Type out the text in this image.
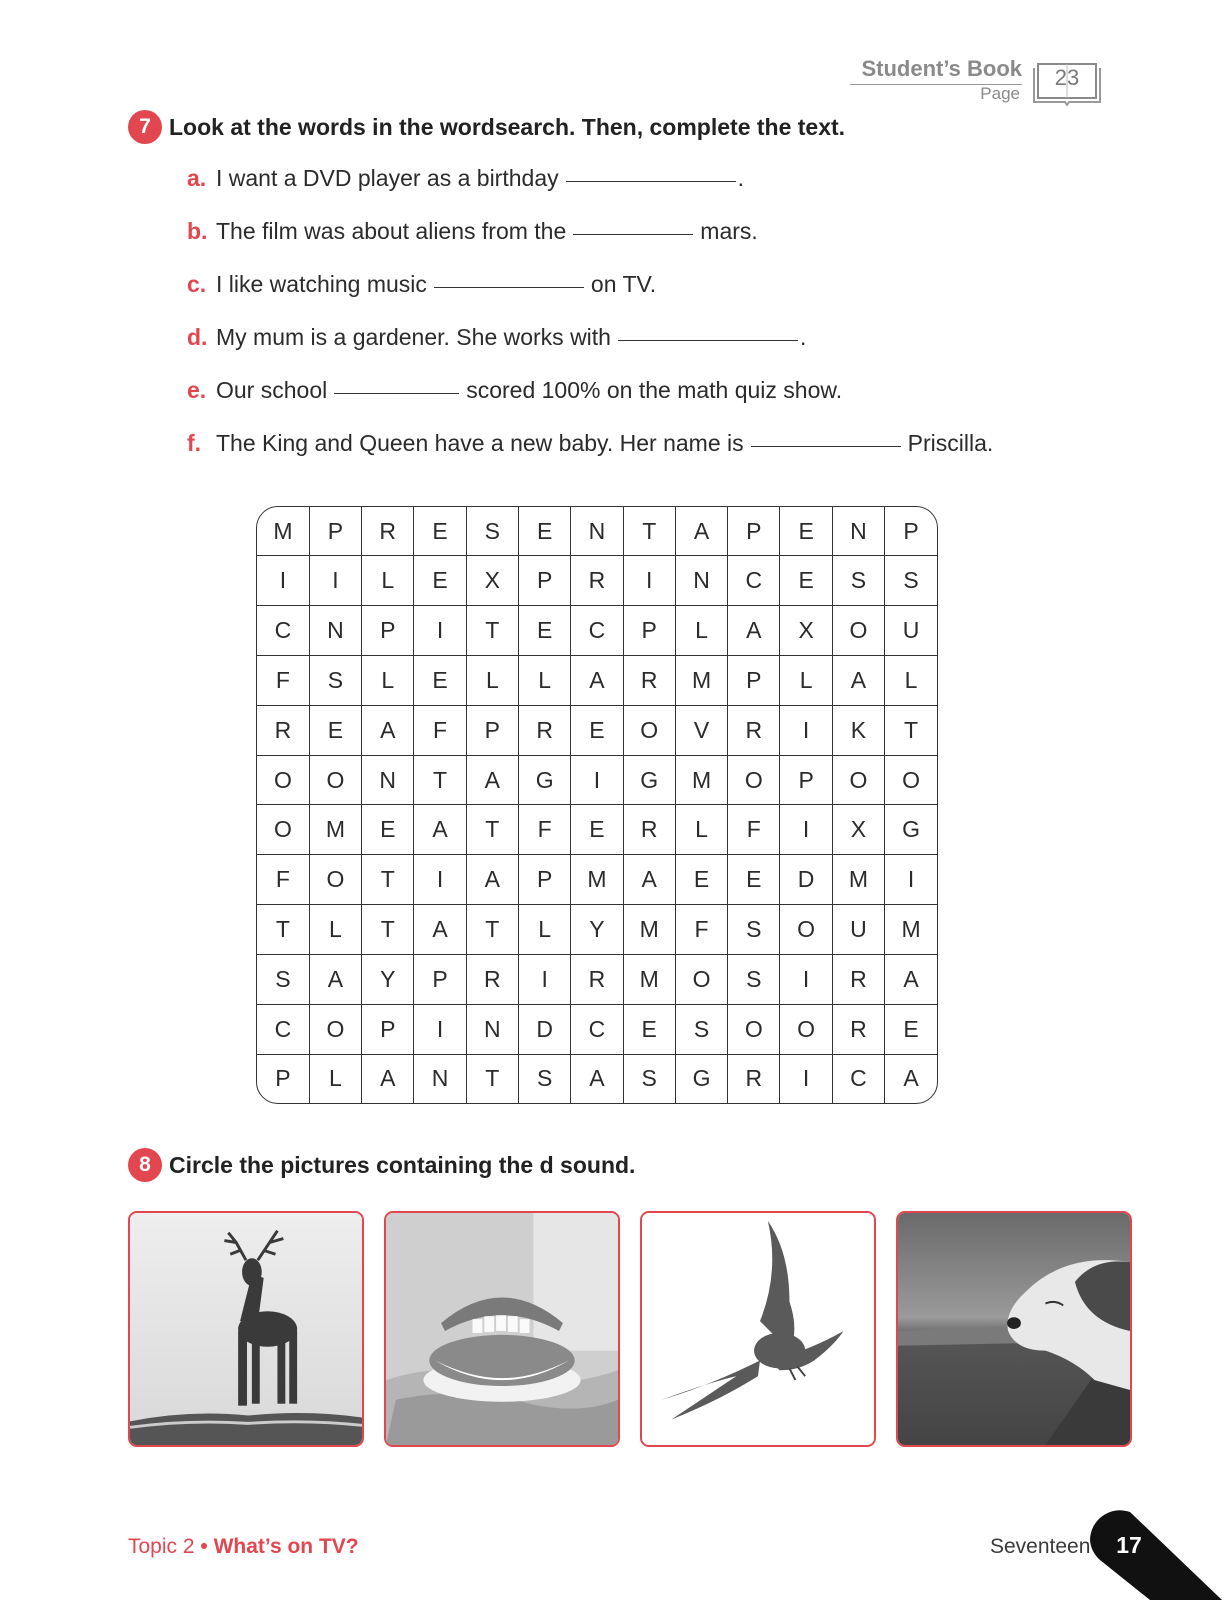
Student’s Book
Page
23
7 Look at the words in the wordsearch. Then, complete the text.
a. I want a DVD player as a birthday	.
b. The film was about aliens from the	mars.
c. I like watching music	on TV.
d. My mum is a gardener. She works with	.
e. Our school	scored 100% on the math quiz show.
f. The King and Queen have a new baby. Her name is	Priscilla.
M	P	R	E	S	E	N	T	A	P	E	N	P
I	I	L	E	X	P	R	I	N	C	E	S	S
C	N	P	I	T	E	C	P	L	A	X	O	U
F	S	L	E	L	L	A	R	M	P	L	A	L
R	E	A	F	P	R	E	O	V	R	I	K	T
O	O	N	T	A	G	I	G	M	O	P	O	O
O	M	E	A	T	F	E	R	L	F	I	X	G
F	O	T	I	A	P	M	A	E	E	D	M	I
T	L	T	A	T	L	Y	M	F	S	O	U	M
S	A	Y	P	R	I	R	M	O	S	I	R	A
C	O	P	I	N	D	C	E	S	O	O	R	E
P	L	A	N	T	S	A	S	G	R	I	C	A
8 Circle the pictures containing the d sound.
Topic 2 • What’s on TV?	Seventeen	17
